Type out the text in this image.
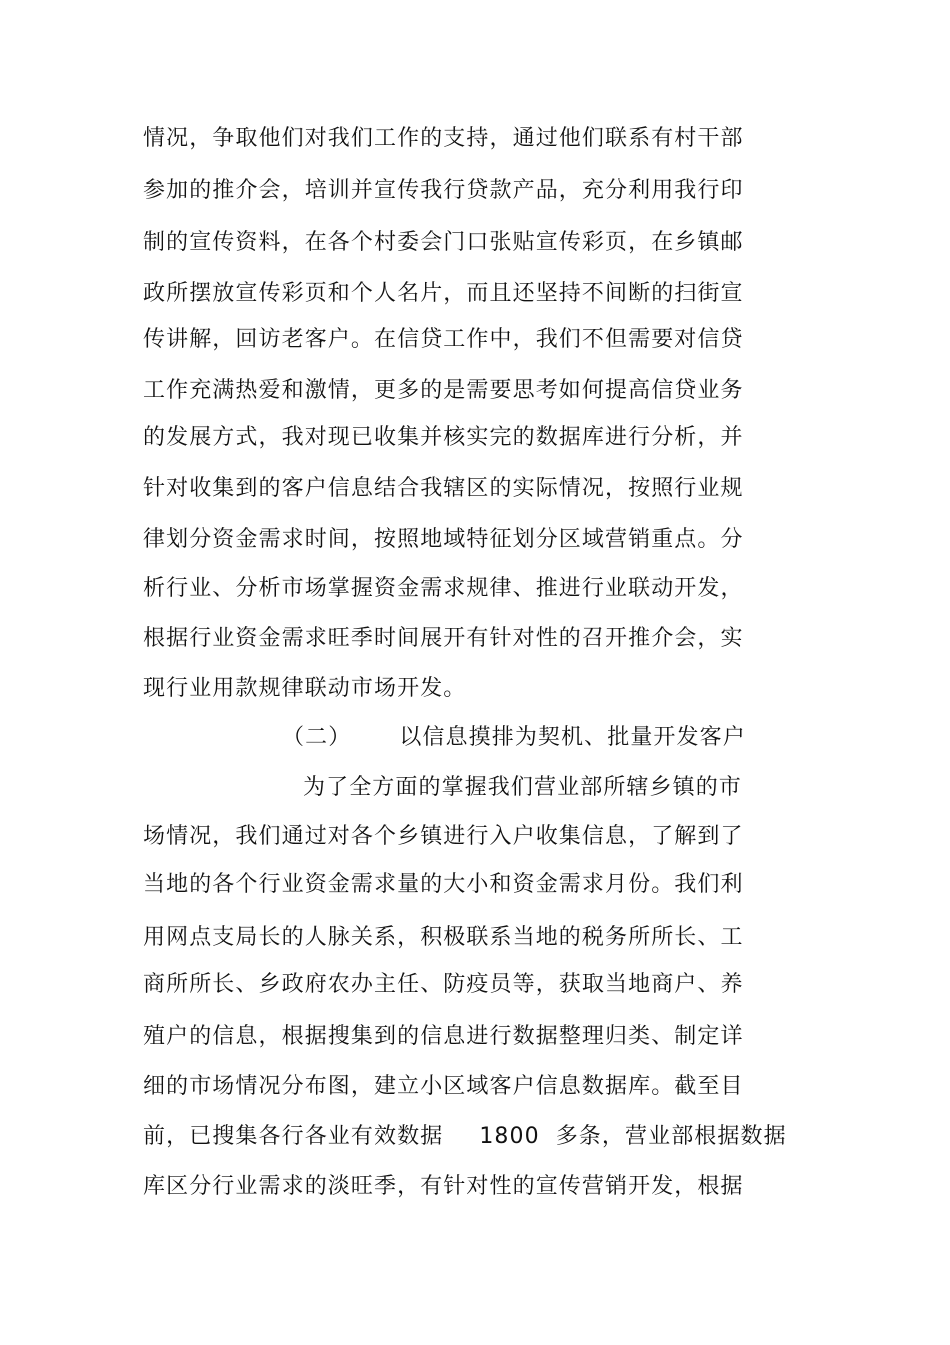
情况，争取他们对我们工作的支持，通过他们联系有村干部

参加的推介会，培训并宣传我行贷款产品，充分利用我行印

制的宣传资料，在各个村委会门口张贴宣传彩页，在乡镇邮

政所摆放宣传彩页和个人名片，而且还坚持不间断的扫街宣

传讲解，回访老客户。在信贷工作中，我们不但需要对信贷

工作充满热爱和激情，更多的是需要思考如何提高信贷业务

的发展方式，我对现已收集并核实完的数据库进行分析，并

针对收集到的客户信息结合我辖区的实际情况，按照行业规

律划分资金需求时间，按照地域特征划分区域营销重点。分

析行业、分析市场掌握资金需求规律、推进行业联动开发，

根据行业资金需求旺季时间展开有针对性的召开推介会，实

现行业用款规律联动市场开发。

（二） 以信息摸排为契机、批量开发客户

为了全方面的掌握我们营业部所辖乡镇的市

场情况，我们通过对各个乡镇进行入户收集信息，了解到了

当地的各个行业资金需求量的大小和资金需求月份。我们利

用网点支局长的人脉关系，积极联系当地的税务所所长、工

商所所长、乡政府农办主任、防疫员等，获取当地商户、养

殖户的信息，根据搜集到的信息进行数据整理归类、制定详

细的市场情况分布图，建立小区域客户信息数据库。截至目

前，已搜集各行各业有效数据 1800 多条，营业部根据数据

库区分行业需求的淡旺季，有针对性的宣传营销开发，根据
